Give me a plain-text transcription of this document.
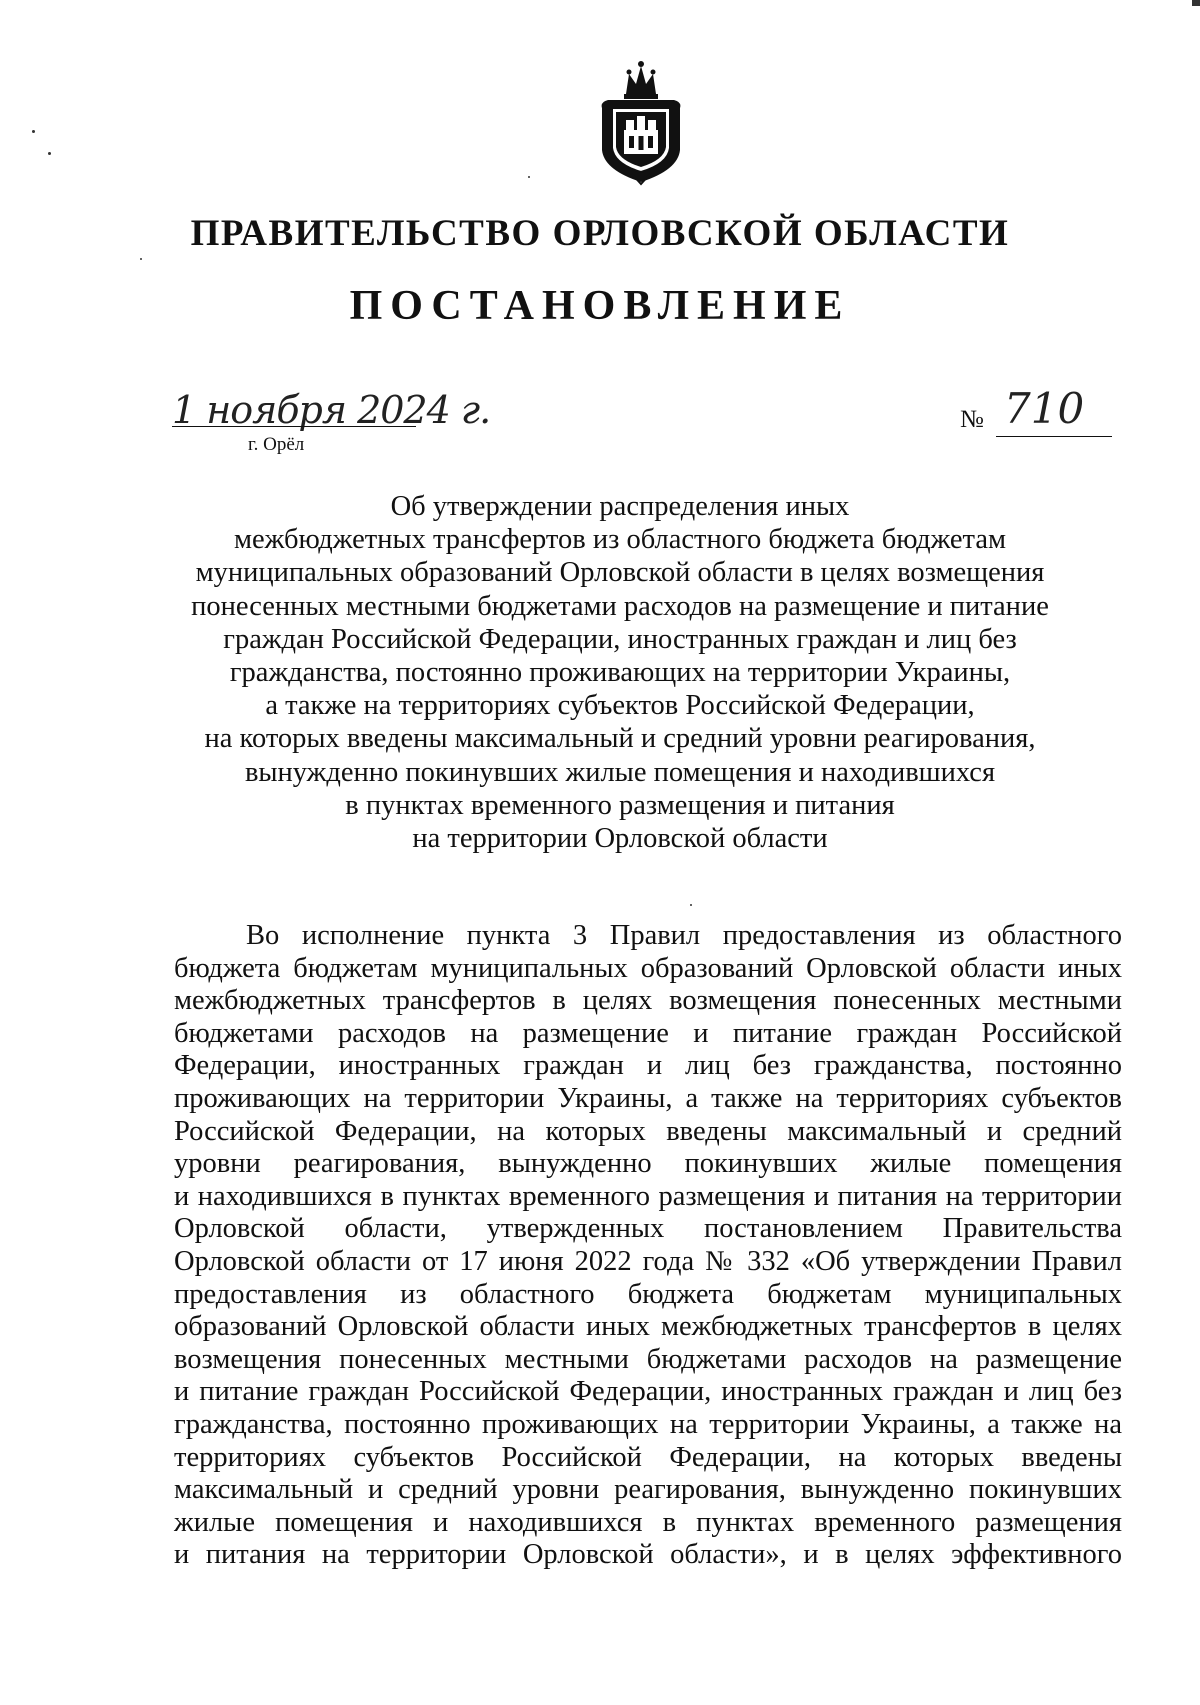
ПРАВИТЕЛЬСТВО ОРЛОВСКОЙ ОБЛАСТИ
ПОСТАНОВЛЕНИЕ
1 ноября 2024 г.
г. Орёл
№ 710
Об утверждении распределения иных
межбюджетных трансфертов из областного бюджета бюджетам
муниципальных образований Орловской области в целях возмещения
понесенных местными бюджетами расходов на размещение и питание
граждан Российской Федерации, иностранных граждан и лиц без
гражданства, постоянно проживающих на территории Украины,
а также на территориях субъектов Российской Федерации,
на которых введены максимальный и средний уровни реагирования,
вынужденно покинувших жилые помещения и находившихся
в пунктах временного размещения и питания
на территории Орловской области
Во исполнение пункта 3 Правил предоставления из областного
бюджета бюджетам муниципальных образований Орловской области иных
межбюджетных трансфертов в целях возмещения понесенных местными
бюджетами расходов на размещение и питание граждан Российской
Федерации, иностранных граждан и лиц без гражданства, постоянно
проживающих на территории Украины, а также на территориях субъектов
Российской Федерации, на которых введены максимальный и средний
уровни реагирования, вынужденно покинувших жилые помещения
и находившихся в пунктах временного размещения и питания на территории
Орловской области, утвержденных постановлением Правительства
Орловской области от 17 июня 2022 года № 332 «Об утверждении Правил
предоставления из областного бюджета бюджетам муниципальных
образований Орловской области иных межбюджетных трансфертов в целях
возмещения понесенных местными бюджетами расходов на размещение
и питание граждан Российской Федерации, иностранных граждан и лиц без
гражданства, постоянно проживающих на территории Украины, а также на
территориях субъектов Российской Федерации, на которых введены
максимальный и средний уровни реагирования, вынужденно покинувших
жилые помещения и находившихся в пунктах временного размещения
и питания на территории Орловской области», и в целях эффективного
